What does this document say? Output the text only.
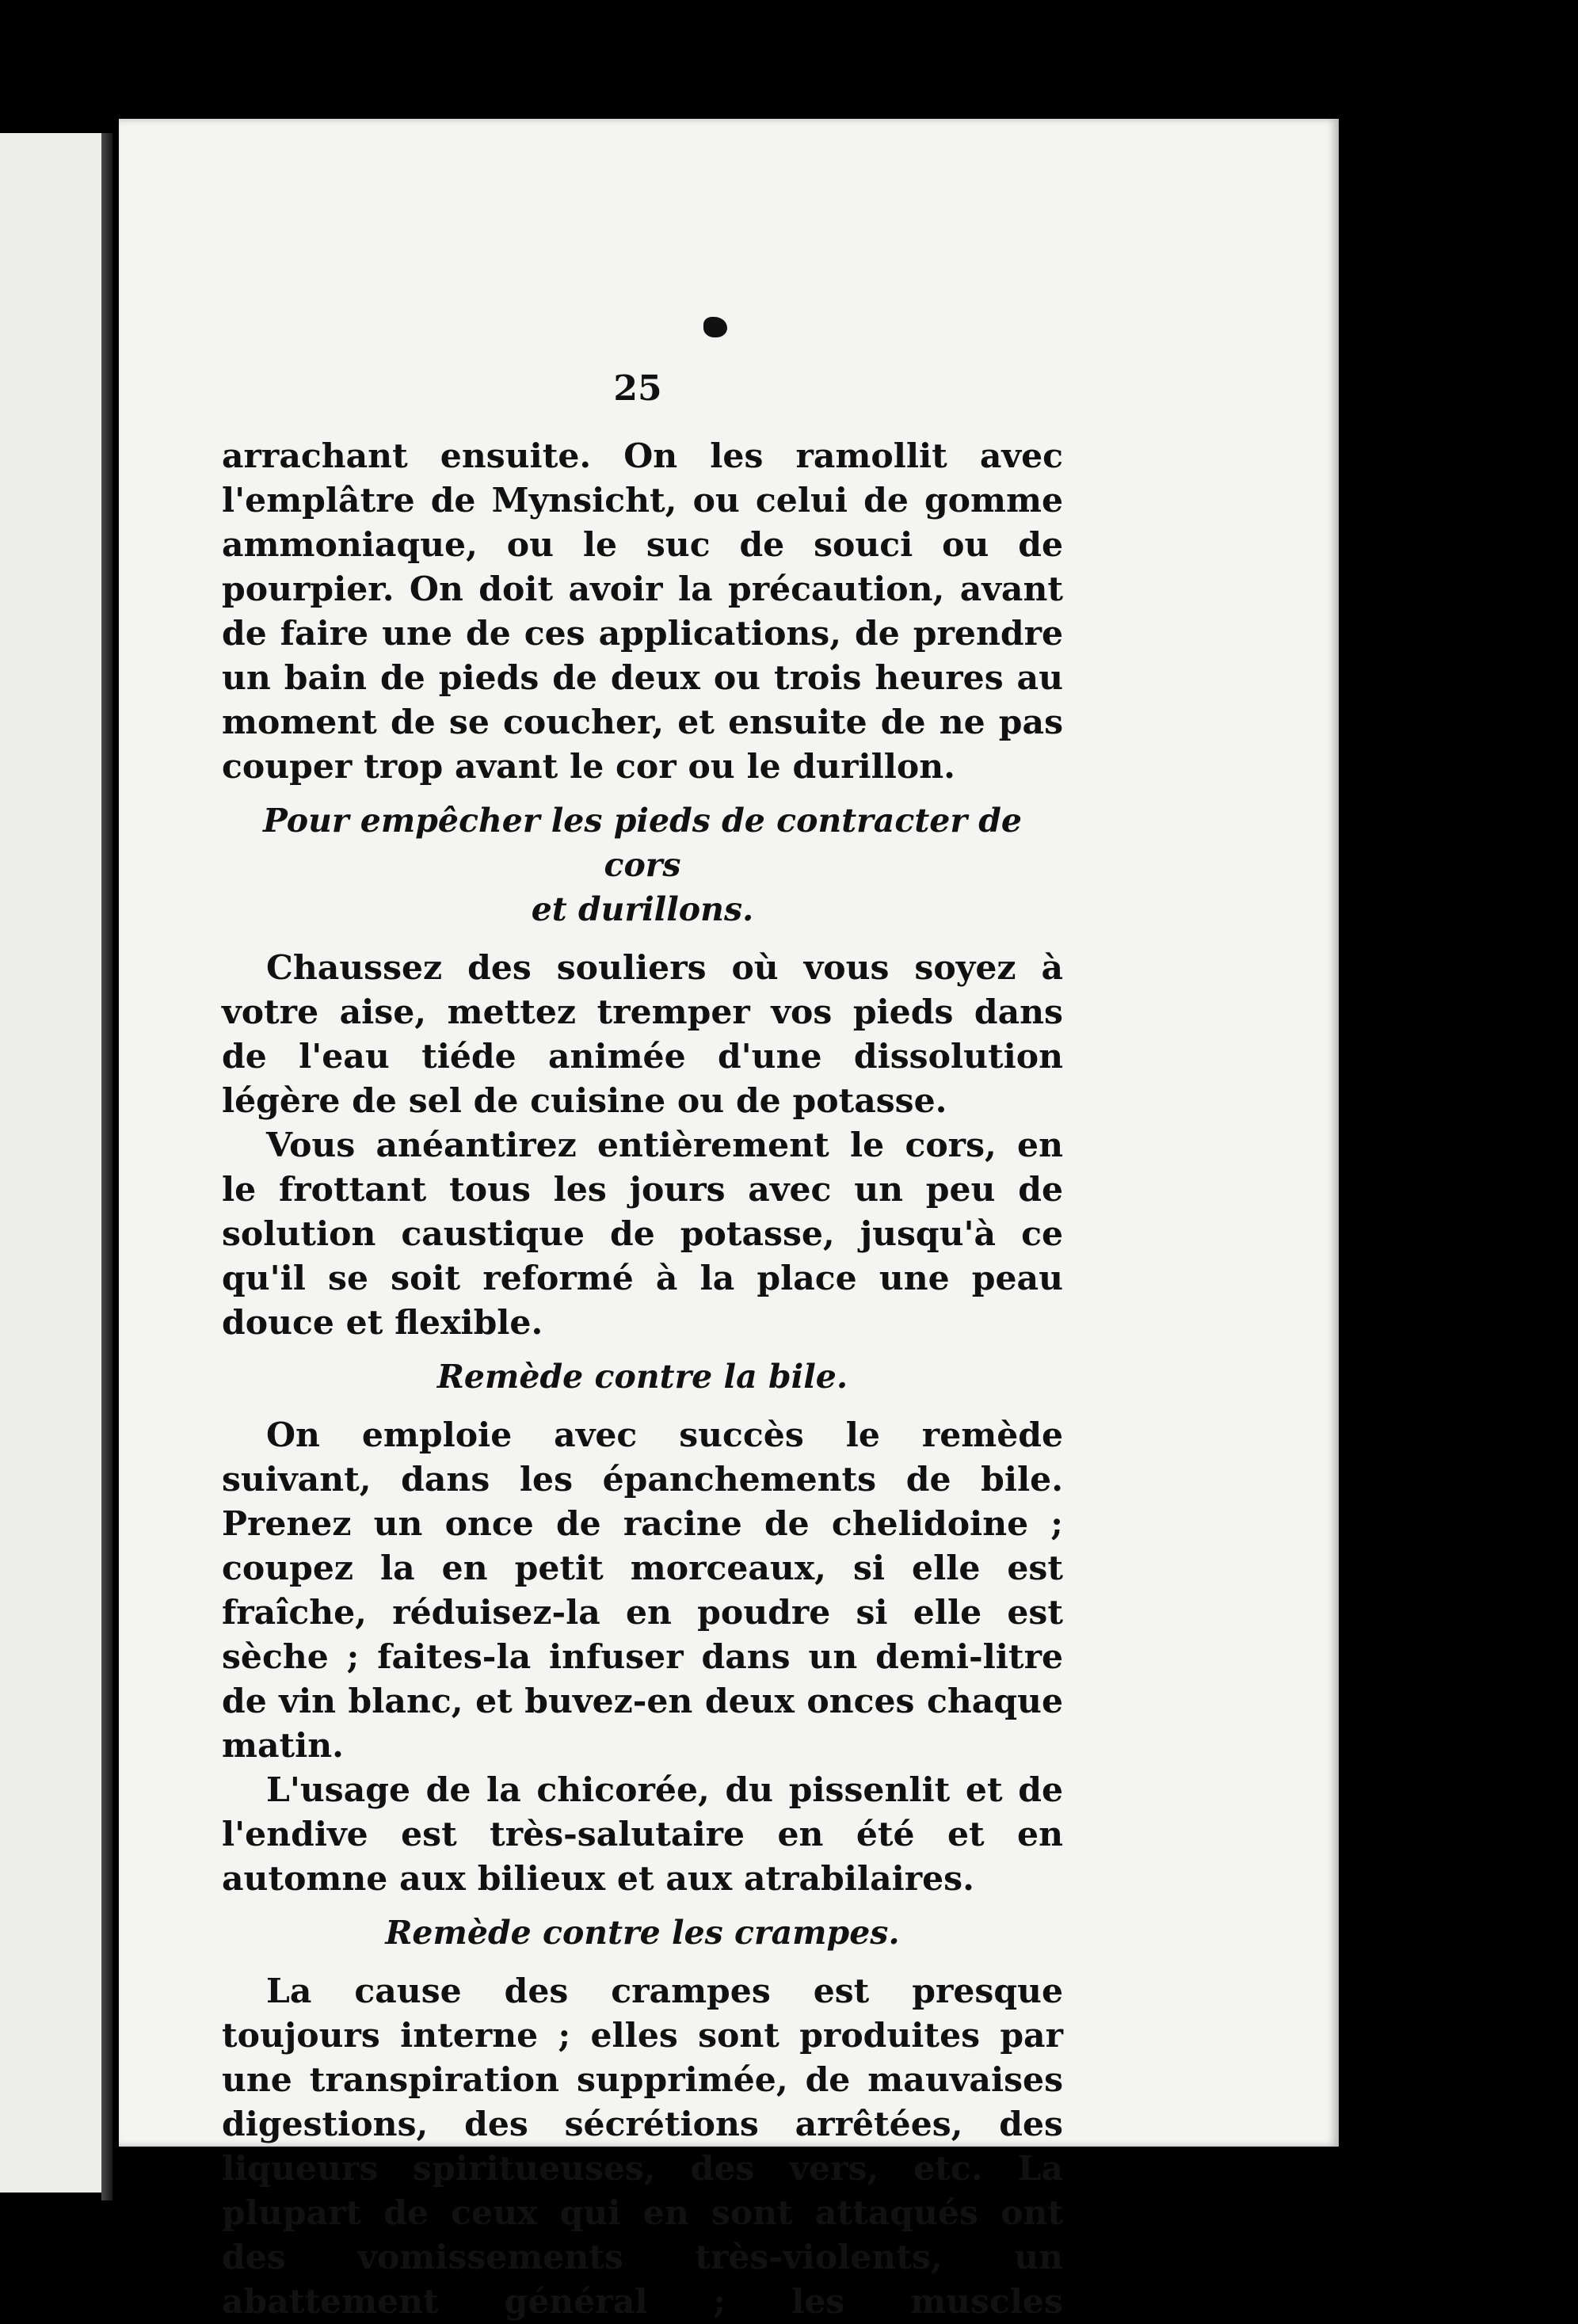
25

arrachant ensuite. On les ramollit avec l'emplâtre de Mynsicht, ou celui de gomme ammoniaque, ou le suc de souci ou de pourpier. On doit avoir la précaution, avant de faire une de ces applications, de prendre un bain de pieds de deux ou trois heures au moment de se coucher, et ensuite de ne pas couper trop avant le cor ou le durillon.

Pour empêcher les pieds de contracter de cors
et durillons.

Chaussez des souliers où vous soyez à votre aise, mettez tremper vos pieds dans de l'eau tiéde animée d'une dissolution légère de sel de cuisine ou de potasse.

Vous anéantirez entièrement le cors, en le frottant tous les jours avec un peu de solution caustique de potasse, jusqu'à ce qu'il se soit reformé à la place une peau douce et flexible.

Remède contre la bile.

On emploie avec succès le remède suivant, dans les épanchements de bile. Prenez un once de racine de chelidoine ; coupez la en petit morceaux, si elle est fraîche, réduisez-la en poudre si elle est sèche ; faites-la infuser dans un demi-litre de vin blanc, et buvez-en deux onces chaque matin.

L'usage de la chicorée, du pissenlit et de l'endive est très-salutaire en été et en automne aux bilieux et aux atrabilaires.

Remède contre les crampes.

La cause des crampes est presque toujours interne ; elles sont produites par une transpiration supprimée, de mauvaises digestions, des sécrétions arrêtées, des liqueurs spiritueuses, des vers, etc. La plupart de ceux qui en sont attaqués ont des vomissements très-violents, un abattement général ; les muscles
